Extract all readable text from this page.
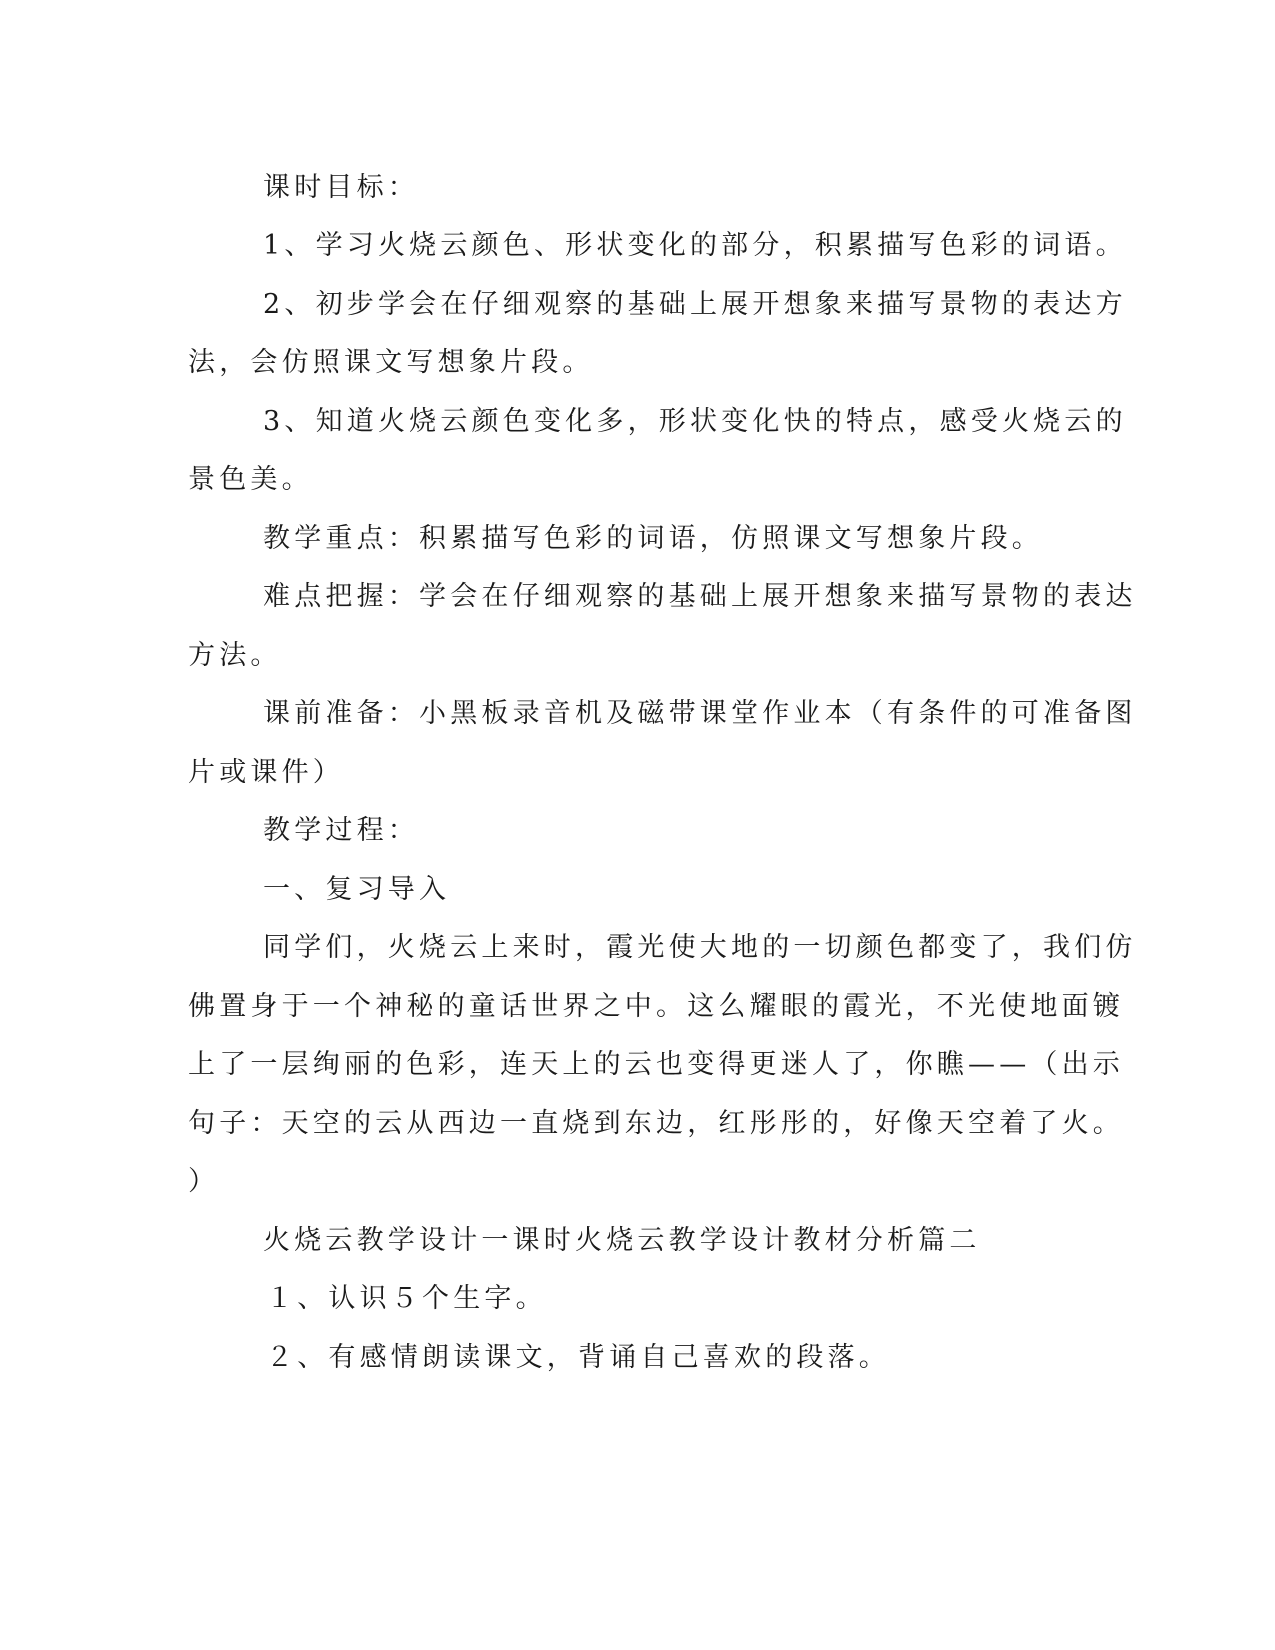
课时目标：
1、学习火烧云颜色、形状变化的部分，积累描写色彩的词语。
2、初步学会在仔细观察的基础上展开想象来描写景物的表达方
法，会仿照课文写想象片段。
3、知道火烧云颜色变化多，形状变化快的特点，感受火烧云的
景色美。
教学重点：积累描写色彩的词语，仿照课文写想象片段。
难点把握：学会在仔细观察的基础上展开想象来描写景物的表达
方法。
课前准备：小黑板录音机及磁带课堂作业本（有条件的可准备图
片或课件）
教学过程：
一、复习导入
同学们，火烧云上来时，霞光使大地的一切颜色都变了，我们仿
佛置身于一个神秘的童话世界之中。这么耀眼的霞光，不光使地面镀
上了一层绚丽的色彩，连天上的云也变得更迷人了，你瞧——（出示
句子：天空的云从西边一直烧到东边，红彤彤的，好像天空着了火。
）
火烧云教学设计一课时火烧云教学设计教材分析篇二
１、认识５个生字。
２、有感情朗读课文，背诵自己喜欢的段落。
